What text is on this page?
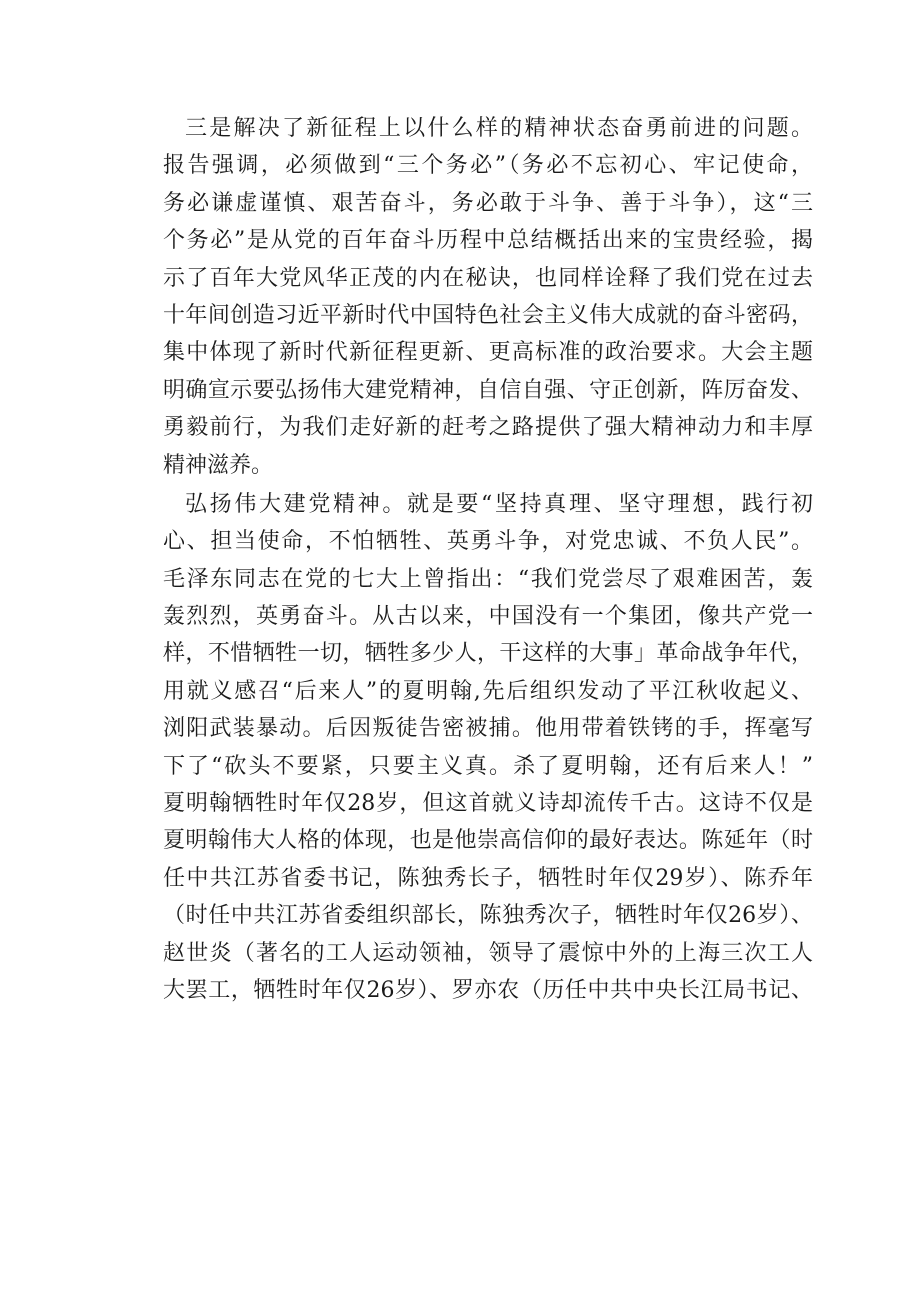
三是解决了新征程上以什么样的精神状态奋勇前进的问题。
报告强调，必须做到“三个务必”（务必不忘初心、牢记使命，
务必谦虚谨慎、艰苦奋斗，务必敢于斗争、善于斗争），这“三
个务必”是从党的百年奋斗历程中总结概括出来的宝贵经验，揭
示了百年大党风华正茂的内在秘诀，也同样诠释了我们党在过去
十年间创造习近平新时代中国特色社会主义伟大成就的奋斗密码，
集中体现了新时代新征程更新、更高标准的政治要求。大会主题
明确宣示要弘扬伟大建党精神，自信自强、守正创新，阵厉奋发、
勇毅前行，为我们走好新的赶考之路提供了强大精神动力和丰厚
精神滋养。
弘扬伟大建党精神。就是要“坚持真理、坚守理想，践行初
心、担当使命，不怕牺牲、英勇斗争，对党忠诚、不负人民”。
毛泽东同志在党的七大上曾指出：“我们党尝尽了艰难困苦，轰
轰烈烈，英勇奋斗。从古以来，中国没有一个集团，像共产党一
样，不惜牺牲一切，牺牲多少人，干这样的大事」革命战争年代，
用就义感召“后来人”的夏明翰,先后组织发动了平江秋收起义、
浏阳武装暴动。后因叛徒告密被捕。他用带着铁铐的手，挥毫写
下了“砍头不要紧，只要主义真。杀了夏明翰，还有后来人！”
夏明翰牺牲时年仅28岁，但这首就义诗却流传千古。这诗不仅是
夏明翰伟大人格的体现，也是他崇高信仰的最好表达。陈延年（时
任中共江苏省委书记，陈独秀长子，牺牲时年仅29岁）、陈乔年
（时任中共江苏省委组织部长，陈独秀次子，牺牲时年仅26岁）、
赵世炎（著名的工人运动领袖，领导了震惊中外的上海三次工人
大罢工，牺牲时年仅26岁）、罗亦农（历任中共中央长江局书记、
